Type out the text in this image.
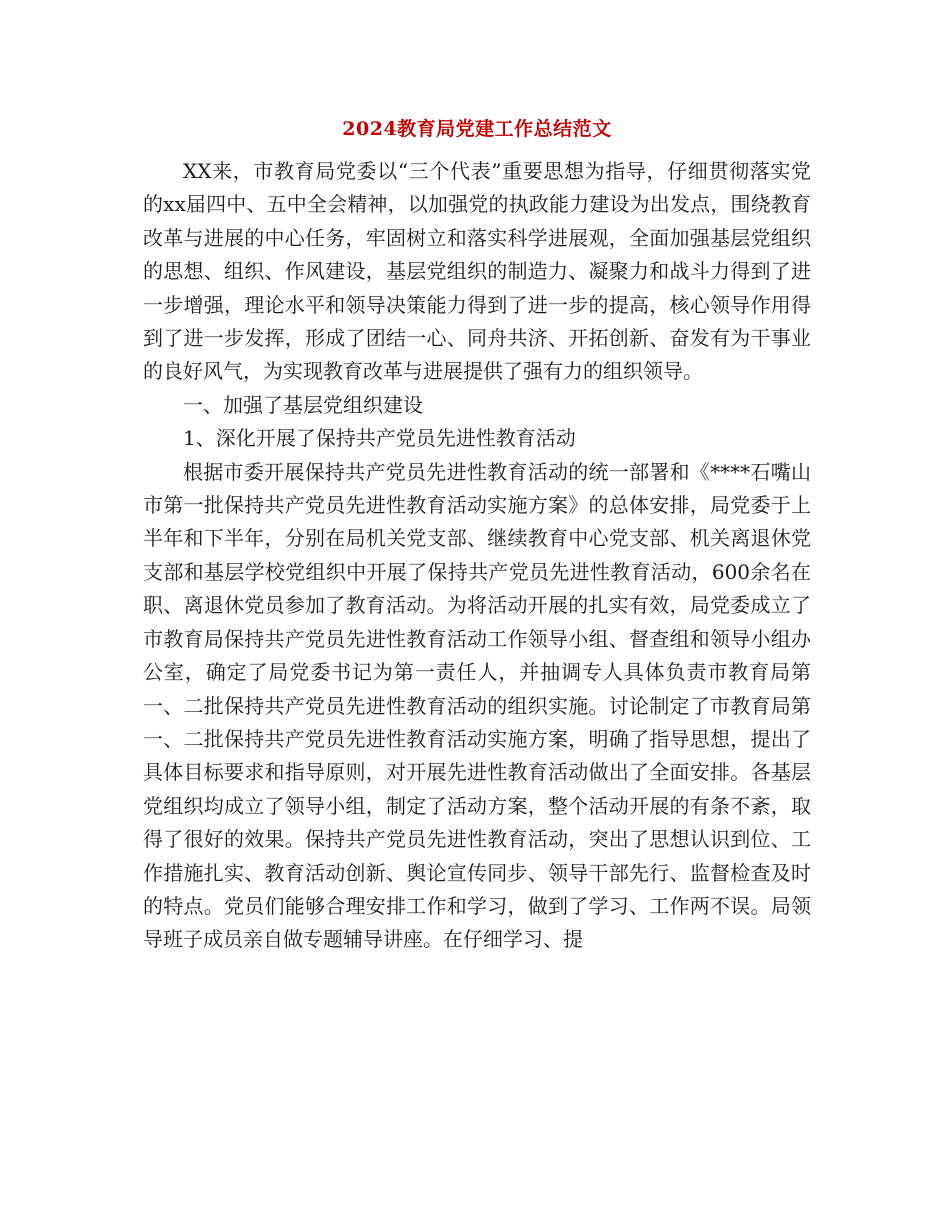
2024教育局党建工作总结范文

XX来，市教育局党委以“三个代表”重要思想为指导，仔细贯彻落实党的xx届四中、五中全会精神，以加强党的执政能力建设为出发点，围绕教育改革与进展的中心任务，牢固树立和落实科学进展观，全面加强基层党组织的思想、组织、作风建设，基层党组织的制造力、凝聚力和战斗力得到了进一步增强，理论水平和领导决策能力得到了进一步的提高，核心领导作用得到了进一步发挥，形成了团结一心、同舟共济、开拓创新、奋发有为干事业的良好风气，为实现教育改革与进展提供了强有力的组织领导。

一、加强了基层党组织建设

1、深化开展了保持共产党员先进性教育活动

根据市委开展保持共产党员先进性教育活动的统一部署和《****石嘴山市第一批保持共产党员先进性教育活动实施方案》的总体安排，局党委于上半年和下半年，分别在局机关党支部、继续教育中心党支部、机关离退休党支部和基层学校党组织中开展了保持共产党员先进性教育活动，600余名在职、离退休党员参加了教育活动。为将活动开展的扎实有效，局党委成立了市教育局保持共产党员先进性教育活动工作领导小组、督查组和领导小组办公室，确定了局党委书记为第一责任人，并抽调专人具体负责市教育局第一、二批保持共产党员先进性教育活动的组织实施。讨论制定了市教育局第一、二批保持共产党员先进性教育活动实施方案，明确了指导思想，提出了具体目标要求和指导原则，对开展先进性教育活动做出了全面安排。各基层党组织均成立了领导小组，制定了活动方案，整个活动开展的有条不紊，取得了很好的效果。保持共产党员先进性教育活动，突出了思想认识到位、工作措施扎实、教育活动创新、舆论宣传同步、领导干部先行、监督检查及时的特点。党员们能够合理安排工作和学习，做到了学习、工作两不误。局领导班子成员亲自做专题辅导讲座。在仔细学习、提
